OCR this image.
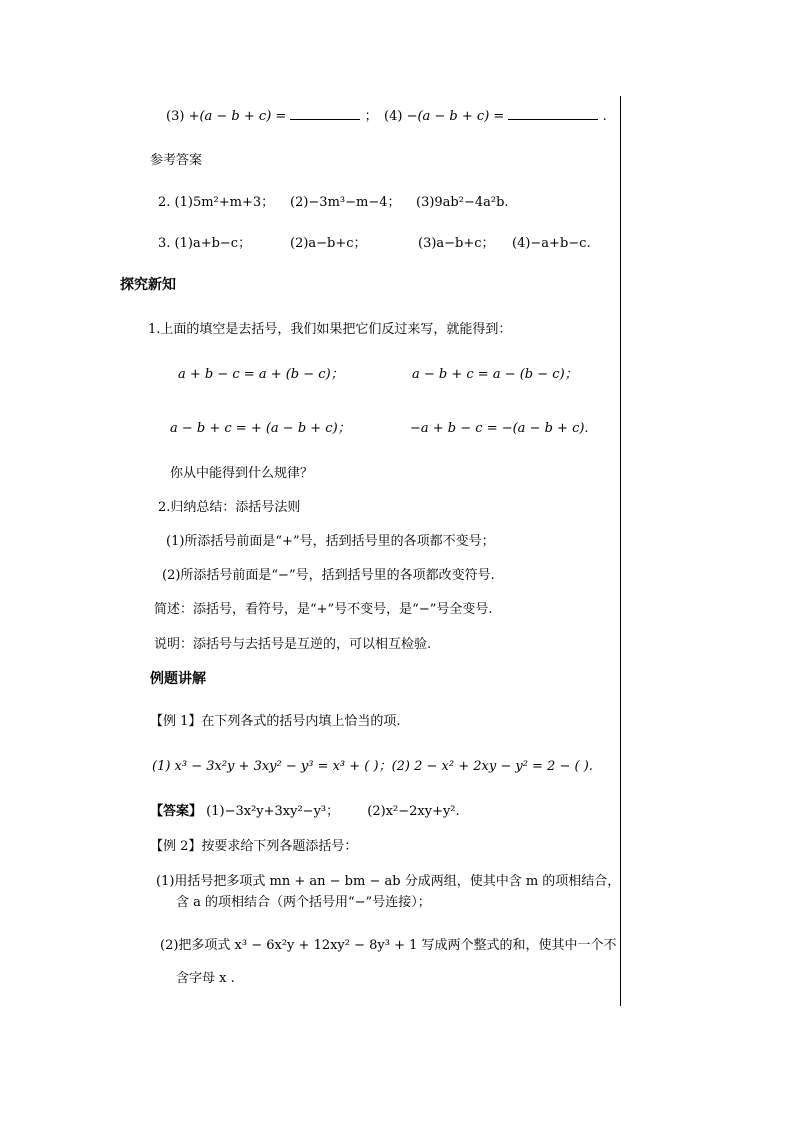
(3) +(a − b + c) =	； (4) −(a − b + c) =	.
参考答案
2. (1)5m²+m+3； (2)−3m³−m−4； (3)9ab²−4a²b.
3. (1)a+b−c；	(2)a−b+c；	(3)a−b+c； (4)−a+b−c.
探究新知
1.上面的填空是去括号，我们如果把它们反过来写，就能得到：
a + b − c = a + (b − c)；	a − b + c = a − (b − c)；
a − b + c = + (a − b + c)；	−a + b − c = −(a − b + c).
你从中能得到什么规律？
2.归纳总结：添括号法则
(1)所添括号前面是“+”号，括到括号里的各项都不变号；
(2)所添括号前面是“−”号，括到括号里的各项都改变符号.
简述：添括号，看符号，是“+”号不变号，是“−”号全变号.
说明：添括号与去括号是互逆的，可以相互检验.
例题讲解
【例 1】在下列各式的括号内填上恰当的项.
(1) x³ − 3x²y + 3xy² − y³ = x³ + ( )；(2) 2 − x² + 2xy − y² = 2 − ( ).
【答案】 (1)−3x²y+3xy²−y³； (2)x²−2xy+y².
【例 2】按要求给下列各题添括号：
(1)用括号把多项式 mn + an − bm − ab 分成两组，使其中含 m 的项相结合，
含 a 的项相结合（两个括号用“−”号连接）；
(2)把多项式 x³ − 6x²y + 12xy² − 8y³ + 1 写成两个整式的和，使其中一个不
含字母 x .
